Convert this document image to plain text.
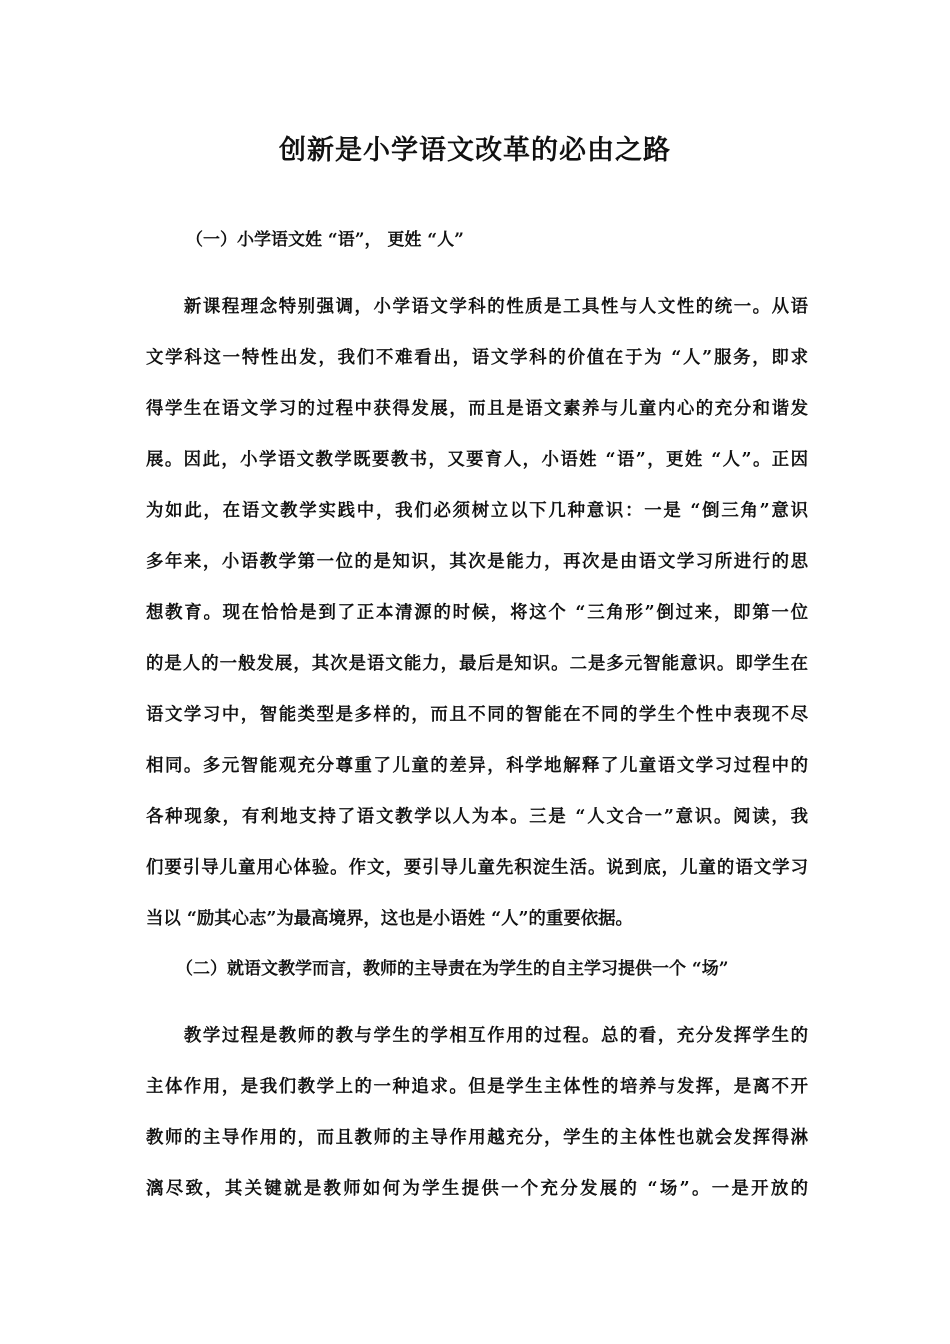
创新是小学语文改革的必由之路
（一）小学语文姓 “语”， 更姓 “人”

　　新课程理念特别强调，小学语文学科的性质是工具性与人文性的统一。从语
文学科这一特性出发，我们不难看出，语文学科的价值在于为 “人”服务，即求
得学生在语文学习的过程中获得发展，而且是语文素养与儿童内心的充分和谐发
展。因此，小学语文教学既要教书，又要育人，小语姓 “语”，更姓 “人”。正因
为如此，在语文教学实践中，我们必须树立以下几种意识：一是 “倒三角”意识
多年来，小语教学第一位的是知识，其次是能力，再次是由语文学习所进行的思
想教育。现在恰恰是到了正本清源的时候，将这个 “三角形”倒过来，即第一位
的是人的一般发展，其次是语文能力，最后是知识。二是多元智能意识。即学生在
语文学习中，智能类型是多样的，而且不同的智能在不同的学生个性中表现不尽
相同。多元智能观充分尊重了儿童的差异，科学地解释了儿童语文学习过程中的
各种现象，有利地支持了语文教学以人为本。三是 “人文合一”意识。阅读，我
们要引导儿童用心体验。作文，要引导儿童先积淀生活。说到底，儿童的语文学习
当以 “励其心志”为最高境界，这也是小语姓 “人”的重要依据。

（二）就语文教学而言，教师的主导责在为学生的自主学习提供一个 “场”

　　教学过程是教师的教与学生的学相互作用的过程。总的看，充分发挥学生的
主体作用，是我们教学上的一种追求。但是学生主体性的培养与发挥，是离不开
教师的主导作用的，而且教师的主导作用越充分，学生的主体性也就会发挥得淋
漓尽致，其关键就是教师如何为学生提供一个充分发展的 “场”。一是开放的
